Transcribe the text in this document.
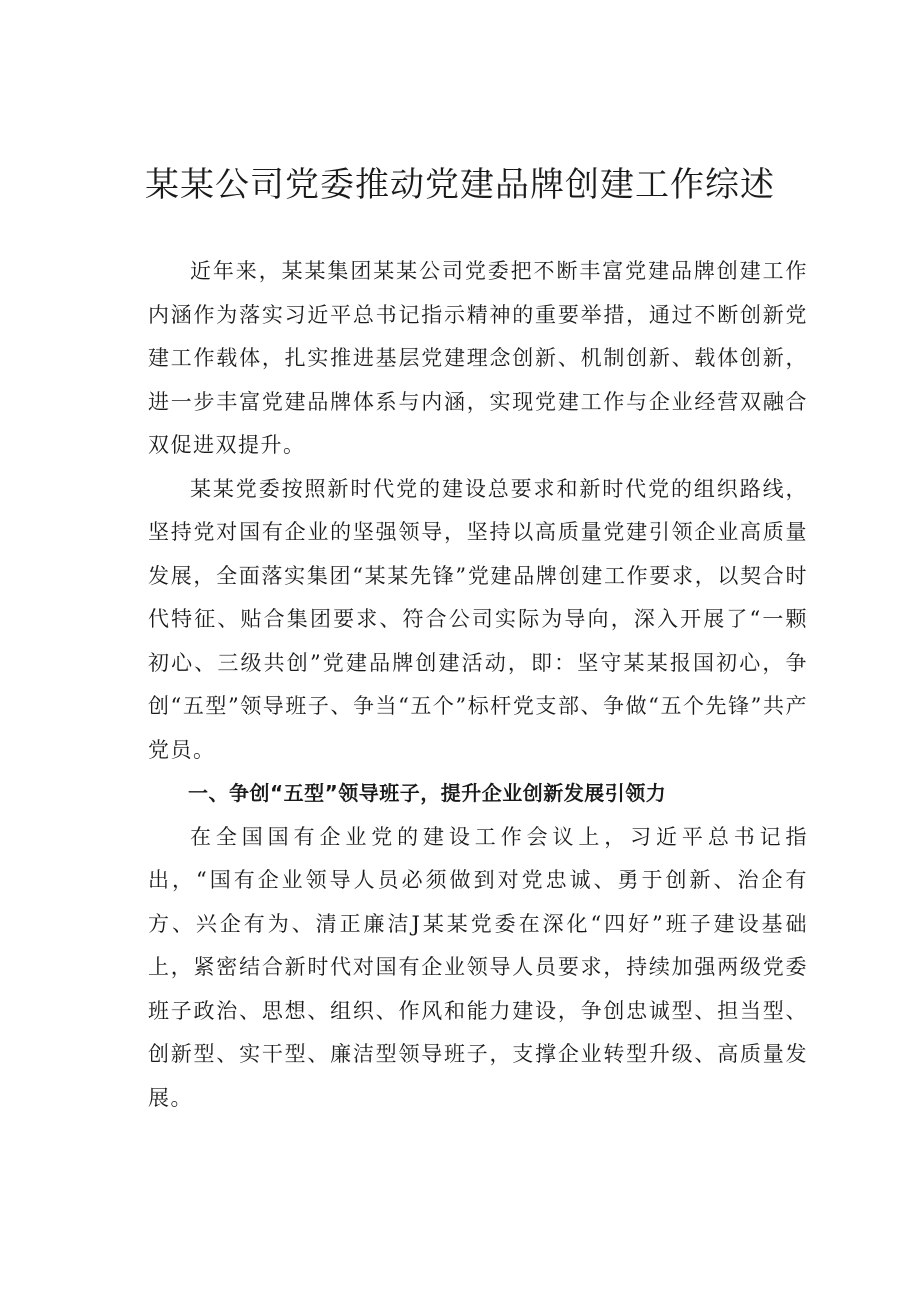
某某公司党委推动党建品牌创建工作综述

近年来，某某集团某某公司党委把不断丰富党建品牌创建工作内涵作为落实习近平总书记指示精神的重要举措，通过不断创新党建工作载体，扎实推进基层党建理念创新、机制创新、载体创新，进一步丰富党建品牌体系与内涵，实现党建工作与企业经营双融合双促进双提升。

某某党委按照新时代党的建设总要求和新时代党的组织路线，坚持党对国有企业的坚强领导，坚持以高质量党建引领企业高质量发展，全面落实集团“某某先锋”党建品牌创建工作要求，以契合时代特征、贴合集团要求、符合公司实际为导向，深入开展了“一颗初心、三级共创”党建品牌创建活动，即：坚守某某报国初心，争创“五型”领导班子、争当“五个”标杆党支部、争做“五个先锋”共产党员。

一、争创“五型”领导班子，提升企业创新发展引领力

在全国国有企业党的建设工作会议上，习近平总书记指出，“国有企业领导人员必须做到对党忠诚、勇于创新、治企有方、兴企有为、清正廉洁J某某党委在深化“四好”班子建设基础上，紧密结合新时代对国有企业领导人员要求，持续加强两级党委班子政治、思想、组织、作风和能力建设，争创忠诚型、担当型、创新型、实干型、廉洁型领导班子，支撑企业转型升级、高质量发展。
